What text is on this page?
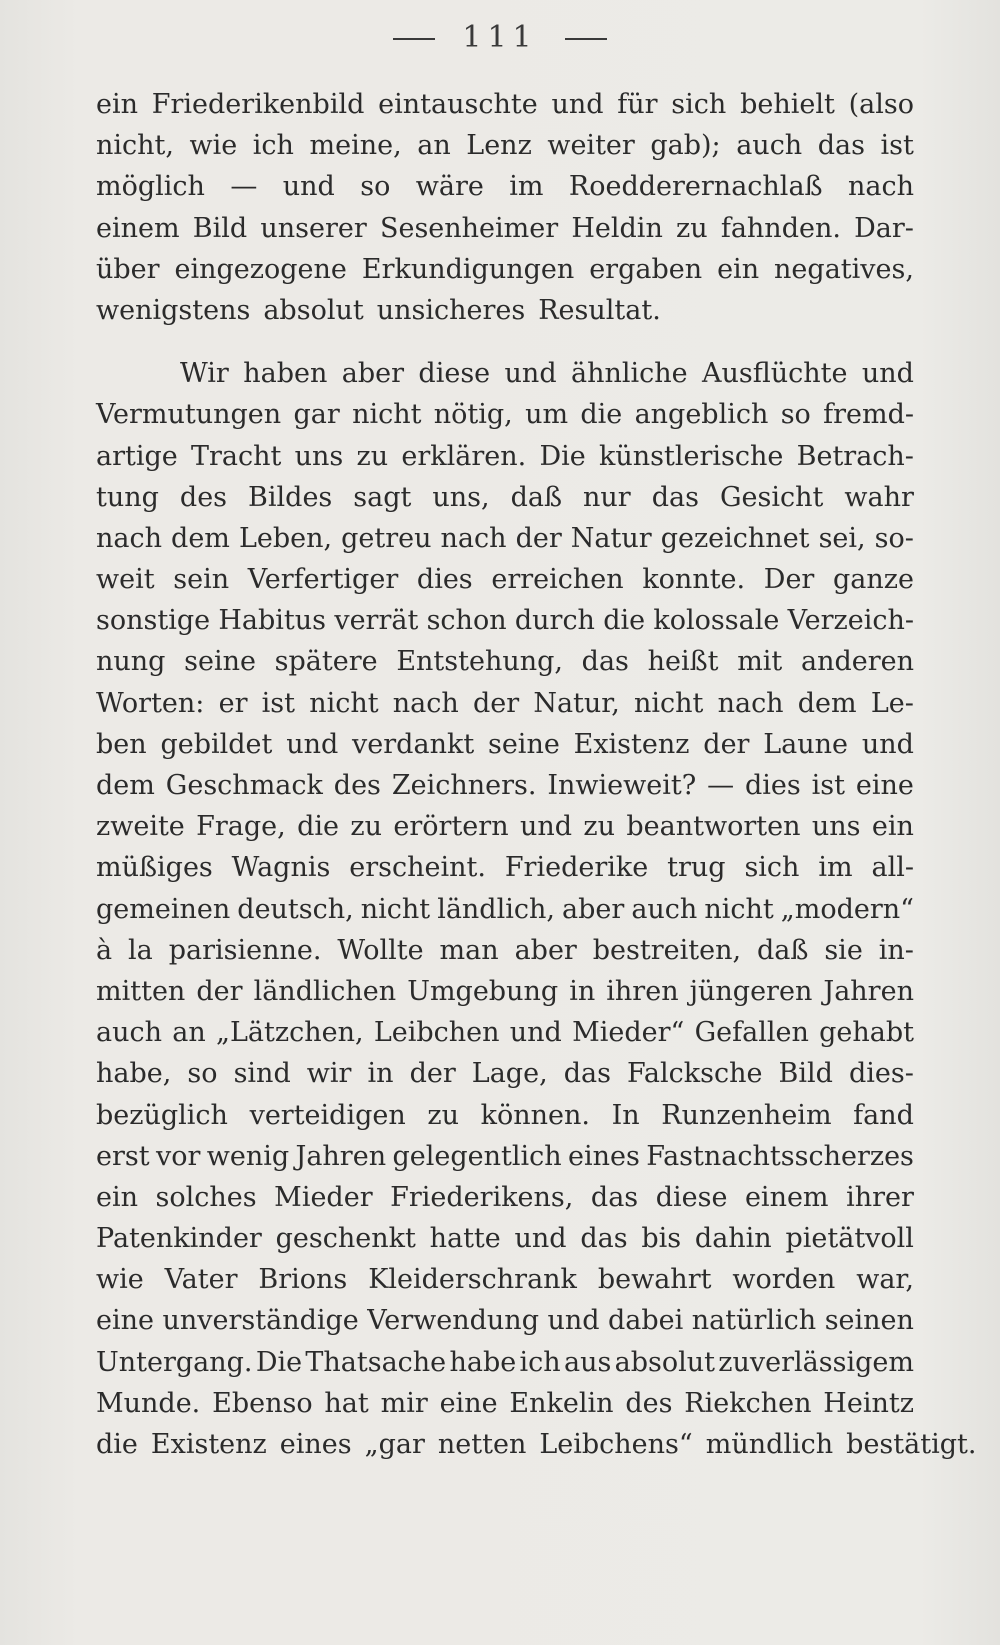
111
ein Friederikenbild eintauschte und für sich behielt (also
nicht, wie ich meine, an Lenz weiter gab); auch das ist
möglich — und so wäre im Roedderernachlaß nach
einem Bild unserer Sesenheimer Heldin zu fahnden. Dar-
über eingezogene Erkundigungen ergaben ein negatives,
wenigstens absolut unsicheres Resultat.
Wir haben aber diese und ähnliche Ausflüchte und
Vermutungen gar nicht nötig, um die angeblich so fremd-
artige Tracht uns zu erklären. Die künstlerische Betrach-
tung des Bildes sagt uns, daß nur das Gesicht wahr
nach dem Leben, getreu nach der Natur gezeichnet sei, so-
weit sein Verfertiger dies erreichen konnte. Der ganze
sonstige Habitus verrät schon durch die kolossale Verzeich-
nung seine spätere Entstehung, das heißt mit anderen
Worten: er ist nicht nach der Natur, nicht nach dem Le-
ben gebildet und verdankt seine Existenz der Laune und
dem Geschmack des Zeichners. Inwieweit? — dies ist eine
zweite Frage, die zu erörtern und zu beantworten uns ein
müßiges Wagnis erscheint. Friederike trug sich im all-
gemeinen deutsch, nicht ländlich, aber auch nicht „modern“
à la parisienne. Wollte man aber bestreiten, daß sie in-
mitten der ländlichen Umgebung in ihren jüngeren Jahren
auch an „Lätzchen, Leibchen und Mieder“ Gefallen gehabt
habe, so sind wir in der Lage, das Falcksche Bild dies-
bezüglich verteidigen zu können. In Runzenheim fand
erst vor wenig Jahren gelegentlich eines Fastnachtsscherzes
ein solches Mieder Friederikens, das diese einem ihrer
Patenkinder geschenkt hatte und das bis dahin pietätvoll
wie Vater Brions Kleiderschrank bewahrt worden war,
eine unverständige Verwendung und dabei natürlich seinen
Untergang. Die Thatsache habe ich aus absolut zuverlässigem
Munde. Ebenso hat mir eine Enkelin des Riekchen Heintz
die Existenz eines „gar netten Leibchens“ mündlich bestätigt.
